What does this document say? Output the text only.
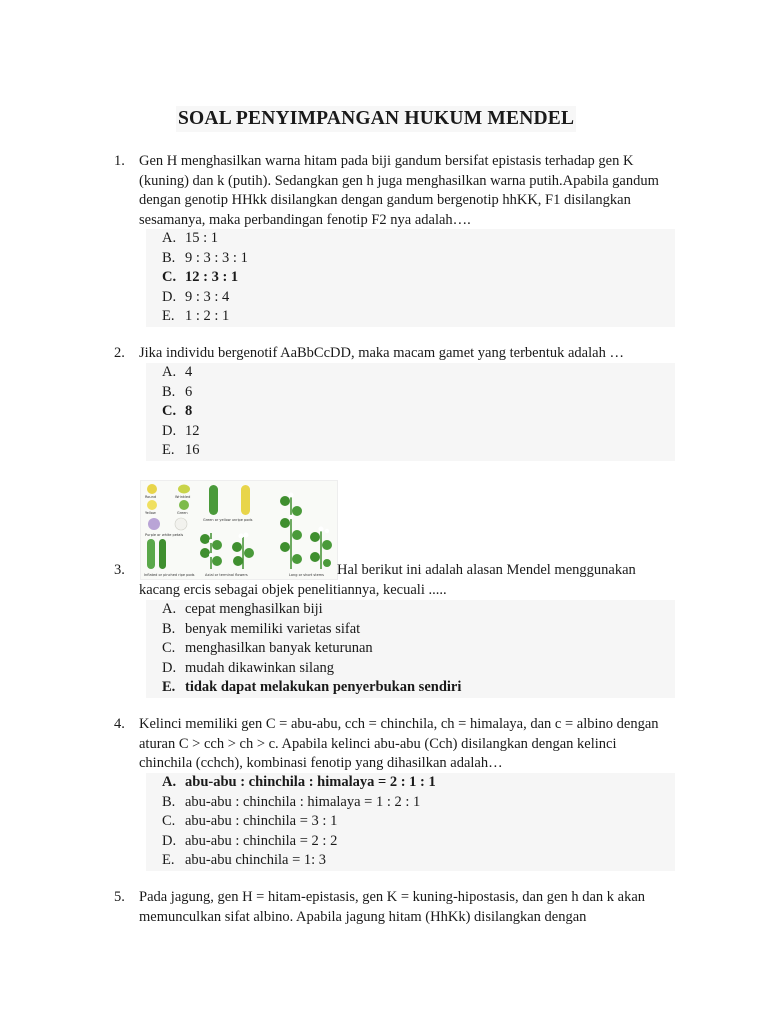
SOAL PENYIMPANGAN HUKUM MENDEL
1. Gen H menghasilkan warna hitam pada biji gandum bersifat epistasis terhadap gen K (kuning) dan k (putih). Sedangkan gen h juga menghasilkan warna putih.Apabila gandum dengan genotip HHkk disilangkan dengan gandum bergenotip hhKK, F1 disilangkan sesamanya, maka perbandingan fenotip F2 nya adalah….

A. 15 : 1
B. 9 : 3 : 3 : 1
C. 12 : 3 : 1
D. 9 : 3 : 4
E. 1 : 2 : 1
2. Jika individu bergenotif AaBbCcDD, maka macam gamet yang terbentuk adalah …

A. 4
B. 6
C. 8
D. 12
E. 16
Round	Wrinkled
Yellow	Green
Purple or white petals
Green or yellow unripe pods
Inflated or pinched ripe pods	Axial or terminal flowers	Long or short stems
3.	Hal berikut ini adalah alasan Mendel menggunakan

kacang ercis sebagai objek penelitiannya, kecuali .....

A. cepat menghasilkan biji
B. benyak memiliki varietas sifat
C. menghasilkan banyak keturunan
D. mudah dikawinkan silang
E. tidak dapat melakukan penyerbukan sendiri
4. Kelinci memiliki gen C = abu-abu, cch = chinchila, ch = himalaya, dan c = albino dengan aturan C > cch > ch > c. Apabila kelinci abu-abu (Cch) disilangkan dengan kelinci chinchila (cchch), kombinasi fenotip yang dihasilkan adalah…

A. abu-abu : chinchila : himalaya = 2 : 1 : 1
B. abu-abu : chinchila : himalaya = 1 : 2 : 1
C. abu-abu : chinchila = 3 : 1
D. abu-abu : chinchila = 2 : 2
E. abu-abu chinchila = 1: 3
5. Pada jagung, gen H = hitam-epistasis, gen K = kuning-hipostasis, dan gen h dan k akan memunculkan sifat albino. Apabila jagung hitam (HhKk) disilangkan dengan
